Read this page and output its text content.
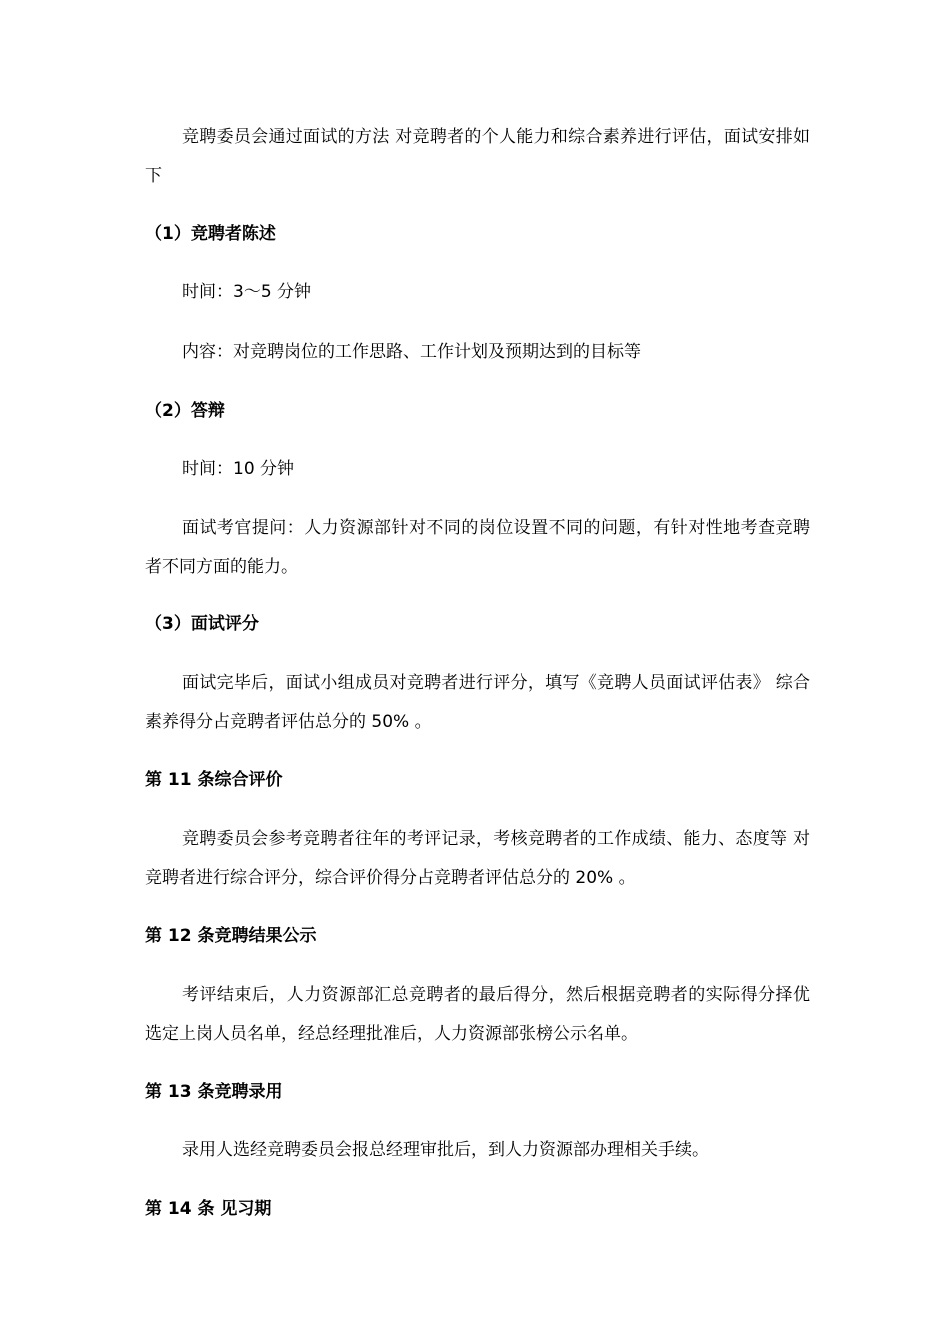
竞聘委员会通过面试的方法 对竞聘者的个人能力和综合素养进行评估，面试安排如下

（1）竞聘者陈述

时间：3～5 分钟

内容：对竞聘岗位的工作思路、工作计划及预期达到的目标等

（2）答辩

时间：10 分钟

面试考官提问：人力资源部针对不同的岗位设置不同的问题，有针对性地考查竞聘者不同方面的能力。

（3）面试评分

面试完毕后，面试小组成员对竞聘者进行评分，填写《竞聘人员面试评估表》 综合素养得分占竞聘者评估总分的 50% 。

第 11 条综合评价

竞聘委员会参考竞聘者往年的考评记录，考核竞聘者的工作成绩、能力、态度等 对竞聘者进行综合评分，综合评价得分占竞聘者评估总分的 20% 。

第 12 条竞聘结果公示

考评结束后，人力资源部汇总竞聘者的最后得分，然后根据竞聘者的实际得分择优选定上岗人员名单，经总经理批准后，人力资源部张榜公示名单。

第 13 条竞聘录用

录用人选经竞聘委员会报总经理审批后，到人力资源部办理相关手续。

第 14 条 见习期
